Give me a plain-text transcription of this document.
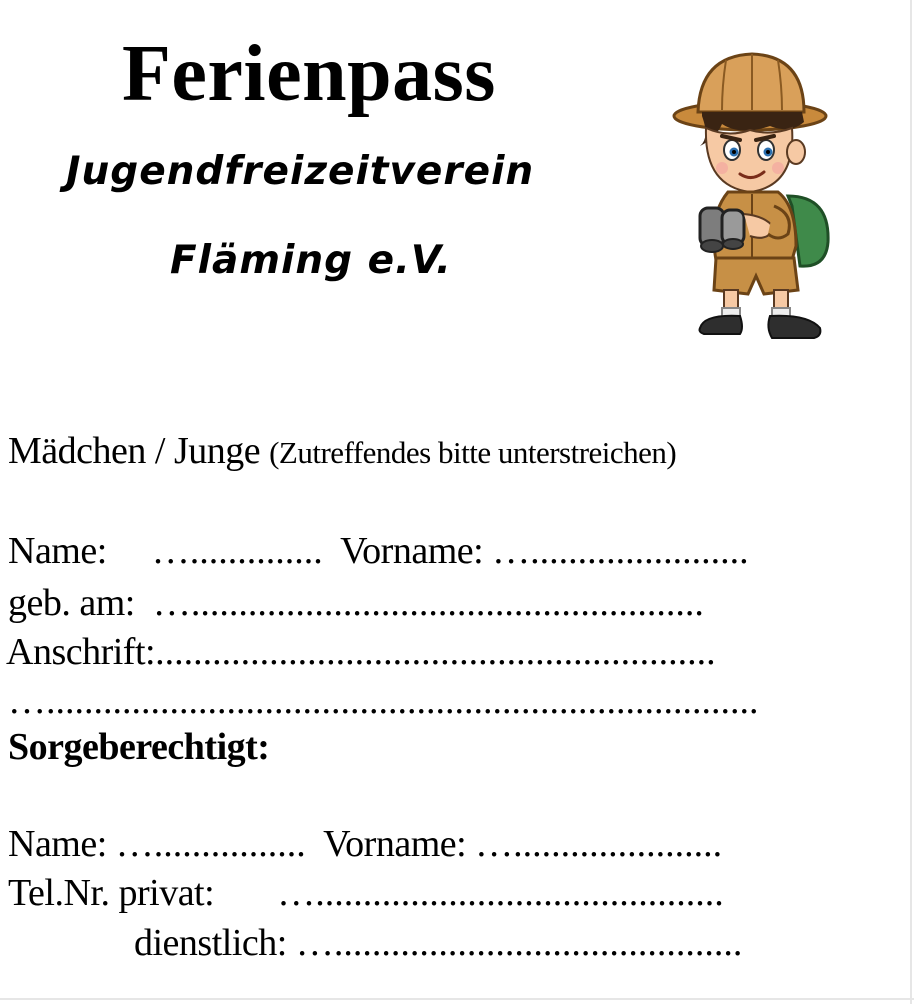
Ferienpass
Jugendfreizeitverein
Fläming e.V.
Mädchen / Junge (Zutreffendes bitte unterstreichen)
Name: ….............. Vorname: ….......................
geb. am: …......................................................
Anschrift:...........................................................
…...........................................................................
Sorgeberechtigt:
Name: …................ Vorname: …......................
Tel.Nr. privat: …...........................................
dienstlich: …...........................................
